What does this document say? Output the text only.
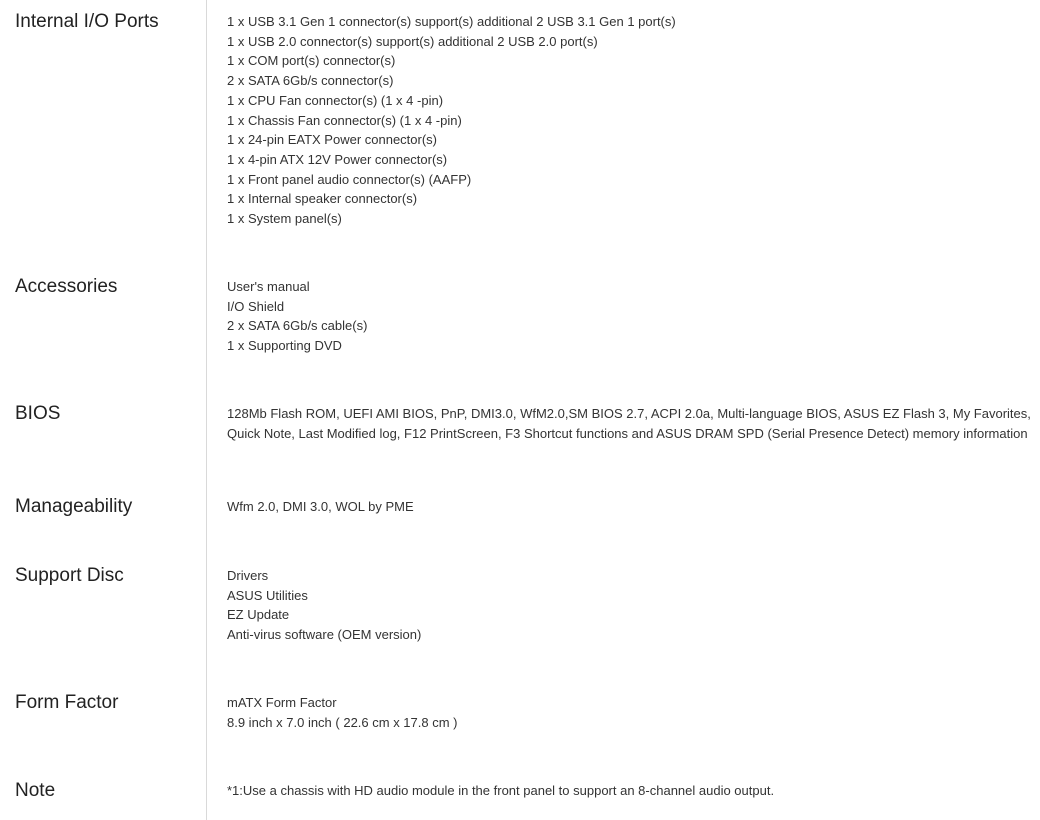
Internal I/O Ports	1 x USB 3.1 Gen 1 connector(s) support(s) additional 2 USB 3.1 Gen 1 port(s)
1 x USB 2.0 connector(s) support(s) additional 2 USB 2.0 port(s)
1 x COM port(s) connector(s)
2 x SATA 6Gb/s connector(s)
1 x CPU Fan connector(s) (1 x 4 -pin)
1 x Chassis Fan connector(s) (1 x 4 -pin)
1 x 24-pin EATX Power connector(s)
1 x 4-pin ATX 12V Power connector(s)
1 x Front panel audio connector(s) (AAFP)
1 x Internal speaker connector(s)
1 x System panel(s)
Accessories	User's manual
I/O Shield
2 x SATA 6Gb/s cable(s)
1 x Supporting DVD
BIOS	128Mb Flash ROM, UEFI AMI BIOS, PnP, DMI3.0, WfM2.0,SM BIOS 2.7, ACPI 2.0a, Multi-language BIOS, ASUS EZ Flash 3, My Favorites, Quick Note, Last Modified log, F12 PrintScreen, F3 Shortcut functions and ASUS DRAM SPD (Serial Presence Detect) memory information
Manageability	Wfm 2.0, DMI 3.0, WOL by PME
Support Disc	Drivers
ASUS Utilities
EZ Update
Anti-virus software (OEM version)
Form Factor	mATX Form Factor
8.9 inch x 7.0 inch ( 22.6 cm x 17.8 cm )
Note	*1:Use a chassis with HD audio module in the front panel to support an 8-channel audio output.
